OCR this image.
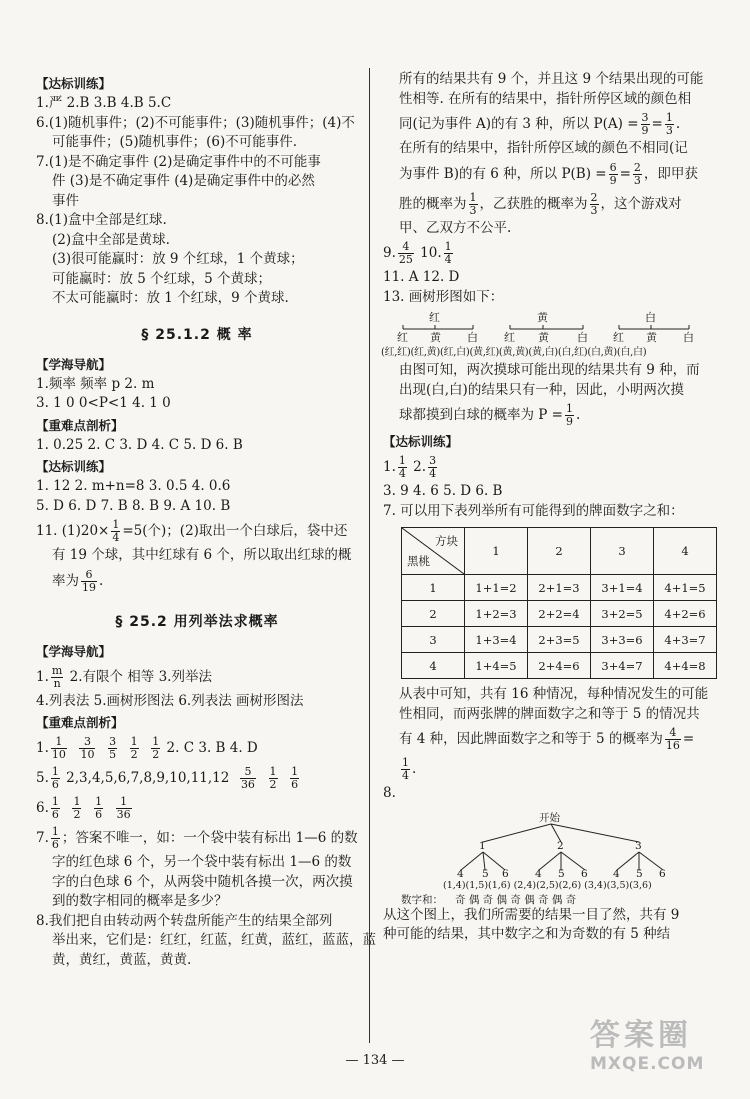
【达标训练】
1.严 2.B 3.B 4.B 5.C
6.(1)随机事件；(2)不可能事件；(3)随机事件；(4)不
可能事件；(5)随机事件；(6)不可能事件.
7.(1)是不确定事件 (2)是确定事件中的不可能事
件 (3)是不确定事件 (4)是确定事件中的必然
事件
8.(1)盒中全部是红球.
(2)盒中全部是黄球.
(3)很可能赢时：放 9 个红球，1 个黄球；
可能赢时：放 5 个红球，5 个黄球；
不太可能赢时：放 1 个红球，9 个黄球.
§ 25.1.2 概 率
【学海导航】
1.频率 频率 p 2. m
3. 1 0 0<P<1 4. 1 0
【重难点剖析】
1. 0.25 2. C 3. D 4. C 5. D 6. B
【达标训练】
1. 12 2. m+n=8 3. 0.5 4. 0.6
5. D 6. D 7. B 8. B 9. A 10. B
11. $(1)20\times \frac{1}{4} =5$(个)；(2)取出一个白球后，袋中还
有 19 个球，其中红球有 6 个，所以取出红球的概
率为 $\frac{6}{19}$ .
§ 25.2 用列举法求概率
【学海导航】
1. $\frac{m}{n} 2$.有限个 相等 3.列举法
4.列表法 5.画树形图法 6.列表法 画树形图法
【重难点剖析】
1. $\frac{1}{10}$
$\frac{3}{10}$
$\frac{3}{5}$
$\frac{1}{2}$
$\frac{1}{2} 2$. C 3. B 4. D
5. $\frac{1}{6} 2,3,4,5,6,7,8,9,10,11,12 \frac{5}{36}$
$\frac{1}{2}$
$\frac{1}{6}$
6. $\frac{1}{6}$
$\frac{1}{2}$
$\frac{1}{6}$
$\frac{1}{36}$
7. $\frac{1}{6}$ ；答案不唯一，如：一个袋中装有标出 1—6 的数
字的红色球 6 个，另一个袋中装有标出 1—6 的数
字的白色球 6 个，从两袋中随机各摸一次，两次摸
到的数字相同的概率是多少？
8.我们把自由转动两个转盘所能产生的结果全部列
举出来，它们是：红红，红蓝，红黄，蓝红，蓝蓝，蓝
黄，黄红，黄蓝，黄黄.
所有的结果共有 9 个，并且这 9 个结果出现的可能
性相等. 在所有的结果中，指针所停区域的颜色相
同(记为事件 A)的有 3 种，所以 $P(A) = \frac{3}{9} = \frac{1}{3}$ .
在所有的结果中，指针所停区域的颜色不相同(记
为事件 B)的有 6 种，所以 $P(B) = \frac{6}{9} = \frac{2}{3}$ ，即甲获
胜的概率为 $\frac{1}{3}$ ，乙获胜的概率为 $\frac{2}{3}$ ，这个游戏对
甲、乙双方不公平.
9. $\frac{4}{25} 10$. $\frac{1}{4}$
11. A 12. D
13. 画树形图如下：
红	黄	白
红 黄 白 红 黄	白 红 黄 白
(红,红)(红,黄)(红,白)(黄,红)(黄,黄)(黄,白)(白,红)(白,黄)(白,白)
由图可知，两次摸球可能出现的结果共有 9 种，而
出现(白,白)的结果只有一种，因此，小明两次摸
球都摸到白球的概率为 $P = \frac{1}{9}$ .
【达标训练】
1. $\frac{1}{4} 2$. $\frac{3}{4}$
3. 9 4. 6 5. D 6. B
7. 可以用下表列举所有可能得到的牌面数字之和：
方块
黑桃	1	2	3	4
1	1+1=2	2+1=3	3+1=4	4+1=5
2	1+2=3	2+2=4	3+2=5	4+2=6
3	1+3=4	2+3=5	3+3=6	4+3=7
4	1+4=5	2+4=6	3+4=7	4+4=8
从表中可知，共有 16 种情况，每种情况发生的可能
性相同，而两张牌的牌面数字之和等于 5 的情况共
有 4 种，因此牌面数字之和等于 5 的概率为 $\frac{4}{16}$ =
$\frac{1}{4}$ .
8.
开始
1	2	3
4 5 6	4 5 6 4 5 6
(1,4)(1,5)(1,6) (2,4)(2,5)(2,6) (3,4)(3,5)(3,6)
数字和： 奇 偶 奇 偶 奇 偶 奇 偶 奇
从这个图上，我们所需要的结果一目了然，共有 9
种可能的结果，其中数字之和为奇数的有 5 种结
— 134 —
答案圈
MXQE.COM
